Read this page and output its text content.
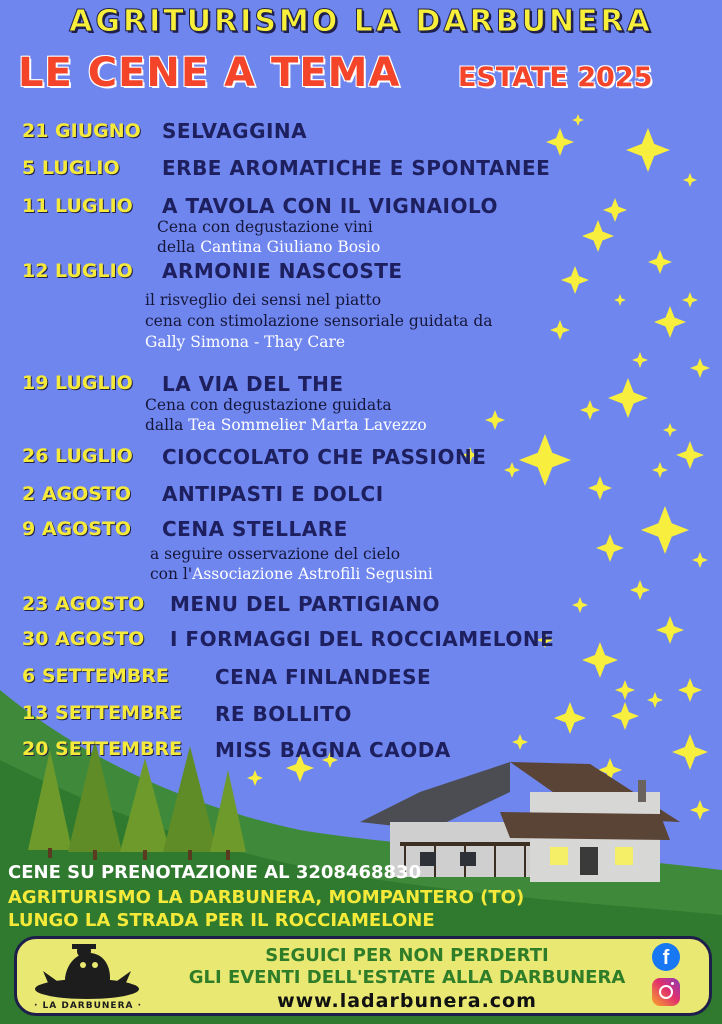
AGRITURISMO LA DARBUNERA
LE CENE A TEMA ESTATE 2025
21 GIUGNO SELVAGGINA
5 LUGLIO ERBE AROMATICHE E SPONTANEE
11 LUGLIO A TAVOLA CON IL VIGNAIOLO
Cena con degustazione vini
della Cantina Giuliano Bosio
12 LUGLIO ARMONIE NASCOSTE
il risveglio dei sensi nel piatto
cena con stimolazione sensoriale guidata da
Gally Simona - Thay Care
19 LUGLIO LA VIA DEL THE
Cena con degustazione guidata
dalla Tea Sommelier Marta Lavezzo
26 LUGLIO CIOCCOLATO CHE PASSIONE
2 AGOSTO ANTIPASTI E DOLCI
9 AGOSTO CENA STELLARE
a seguire osservazione del cielo
con l'Associazione Astrofili Segusini
23 AGOSTO MENU DEL PARTIGIANO
30 AGOSTO I FORMAGGI DEL ROCCIAMELONE
6 SETTEMBRE CENA FINLANDESE
13 SETTEMBRE RE BOLLITO
20 SETTEMBRE MISS BAGNA CAODA
CENE SU PRENOTAZIONE AL 3208468830
AGRITURISMO LA DARBUNERA, MOMPANTERO (TO)
LUNGO LA STRADA PER IL ROCCIAMELONE
· LA DARBUNERA ·
SEGUICI PER NON PERDERTI
GLI EVENTI DELL'ESTATE ALLA DARBUNERA
www.ladarbunera.com
f
